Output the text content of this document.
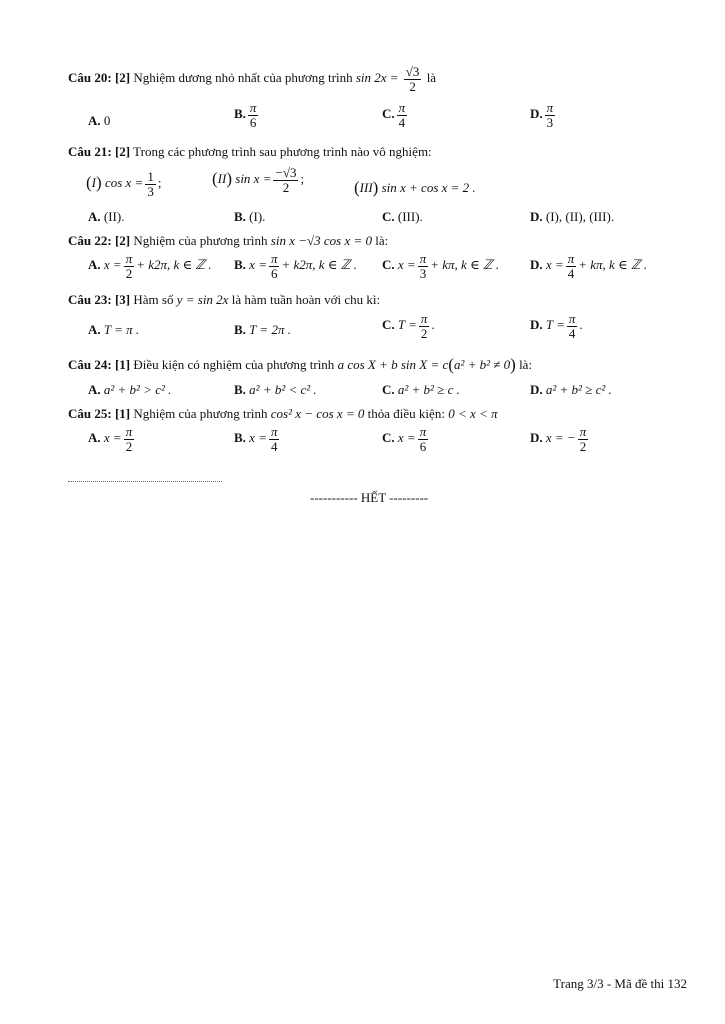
Câu 20: [2] Nghiệm dương nhỏ nhất của phương trình $\sin 2x = \frac{√3}{2}$ là
A. 0	B. $\frac{\pi}{6}$	C. $\frac{\pi}{4}$	D. $\frac{\pi}{3}$
Câu 21: [2] Trong các phương trình sau phương trình nào vô nghiệm:
(I) $\cos x = \frac{1}{3}$ ;	(II) $\sin x = \frac{-√3}{2}$ ;	(III) sin x + cos x = 2 .
A. (II).	B. (I).	C. (III).	D. (I), (II), (III).
Câu 22: [2] Nghiệm của phương trình sin x −√3 cos x = 0 là:
A. $x = \frac{\pi}{2} + k2\pi$, k ∈ ℤ . B. $x = \frac{\pi}{6} + k2\pi$, k ∈ ℤ . C. $x = \frac{\pi}{3} + k\pi$, k ∈ ℤ . D. $x = \frac{\pi}{4} + k\pi$, k ∈ ℤ .
Câu 23: [3] Hàm số y = sin 2x là hàm tuần hoàn với chu kì:
A. T = π .	B. T = 2π .	C. $T = \frac{\pi}{2}$ .	D. $T = \frac{\pi}{4}$ .
Câu 24: [1] Điều kiện có nghiệm của phương trình a cos X + b sin X = c(a² + b² ≠ 0) là:
A. a² + b² > c² .	B. a² + b² < c² .	C. a² + b² ≥ c .	D. a² + b² ≥ c² .
Câu 25: [1] Nghiệm của phương trình cos² x − cos x = 0 thỏa điều kiện: 0 < x < π
A. $x = \frac{\pi}{2}$	B. $x = \frac{\pi}{4}$	C. $x = \frac{\pi}{6}$	D. x = − $\frac{\pi}{2}$
----------- HẾT ---------
Trang 3/3 - Mã đề thi 132
